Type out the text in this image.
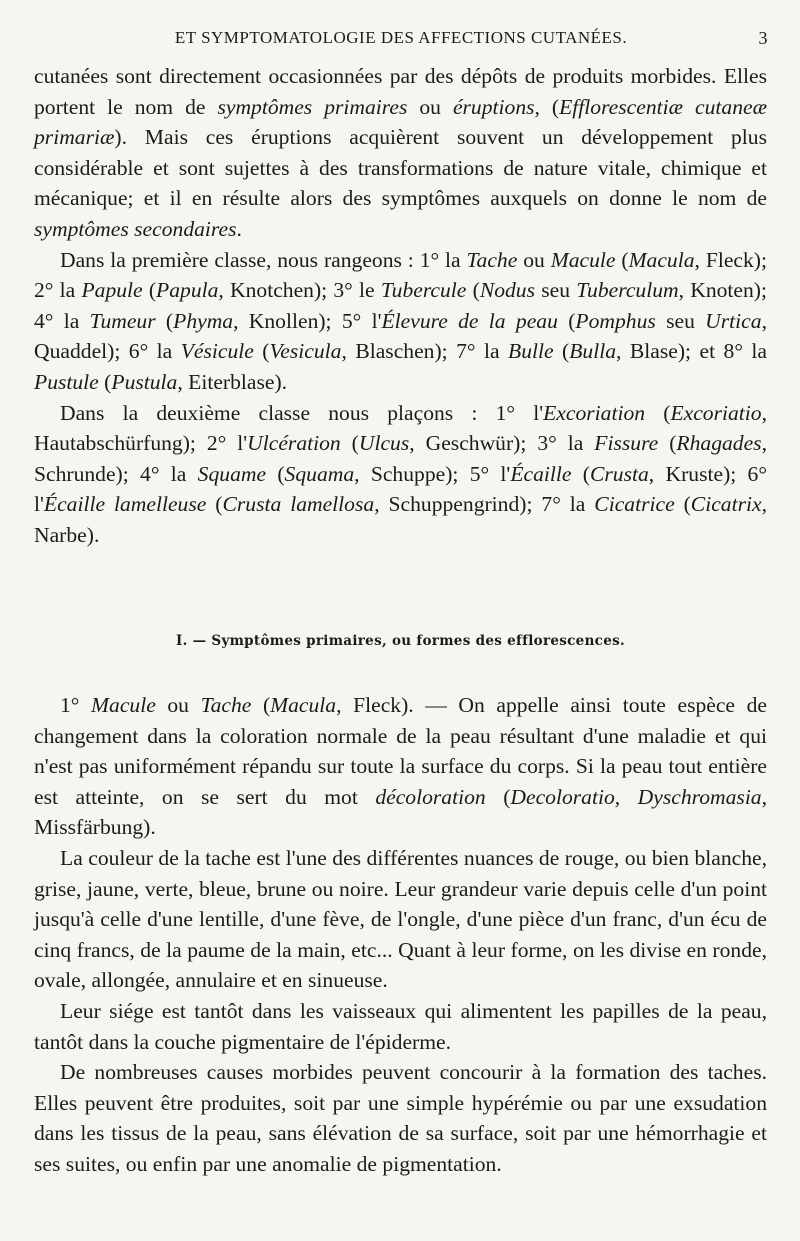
ET SYMPTOMATOLOGIE DES AFFECTIONS CUTANÉES.	3

cutanées sont directement occasionnées par des dépôts de produits morbides. Elles portent le nom de symptômes primaires ou éruptions, (Efflorescentiæ cutaneæ primariæ). Mais ces éruptions acquièrent souvent un développement plus considérable et sont sujettes à des transformations de nature vitale, chimique et mécanique; et il en résulte alors des symptômes auxquels on donne le nom de symptômes secondaires.

Dans la première classe, nous rangeons : 1° la Tache ou Macule (Macula, Fleck); 2° la Papule (Papula, Knotchen); 3° le Tubercule (Nodus seu Tuberculum, Knoten); 4° la Tumeur (Phyma, Knollen); 5° l'Élevure de la peau (Pomphus seu Urtica, Quaddel); 6° la Vésicule (Vesicula, Blaschen); 7° la Bulle (Bulla, Blase); et 8° la Pustule (Pustula, Eiterblase).

Dans la deuxième classe nous plaçons : 1° l'Excoriation (Excoriatio, Hautabschürfung); 2° l'Ulcération (Ulcus, Geschwür); 3° la Fissure (Rhagades, Schrunde); 4° la Squame (Squama, Schuppe); 5° l'Écaille (Crusta, Kruste); 6° l'Écaille lamelleuse (Crusta lamellosa, Schuppengrind); 7° la Cicatrice (Cicatrix, Narbe).

I. — Symptômes primaires, ou formes des efflorescences.

1° Macule ou Tache (Macula, Fleck). — On appelle ainsi toute espèce de changement dans la coloration normale de la peau résultant d'une maladie et qui n'est pas uniformément répandu sur toute la surface du corps. Si la peau tout entière est atteinte, on se sert du mot décoloration (Decoloratio, Dyschromasia, Missfärbung).

La couleur de la tache est l'une des différentes nuances de rouge, ou bien blanche, grise, jaune, verte, bleue, brune ou noire. Leur grandeur varie depuis celle d'un point jusqu'à celle d'une lentille, d'une fève, de l'ongle, d'une pièce d'un franc, d'un écu de cinq francs, de la paume de la main, etc... Quant à leur forme, on les divise en ronde, ovale, allongée, annulaire et en sinueuse.

Leur siége est tantôt dans les vaisseaux qui alimentent les papilles de la peau, tantôt dans la couche pigmentaire de l'épiderme.

De nombreuses causes morbides peuvent concourir à la formation des taches. Elles peuvent être produites, soit par une simple hypérémie ou par une exsudation dans les tissus de la peau, sans élévation de sa surface, soit par une hémorrhagie et ses suites, ou enfin par une anomalie de pigmentation.
